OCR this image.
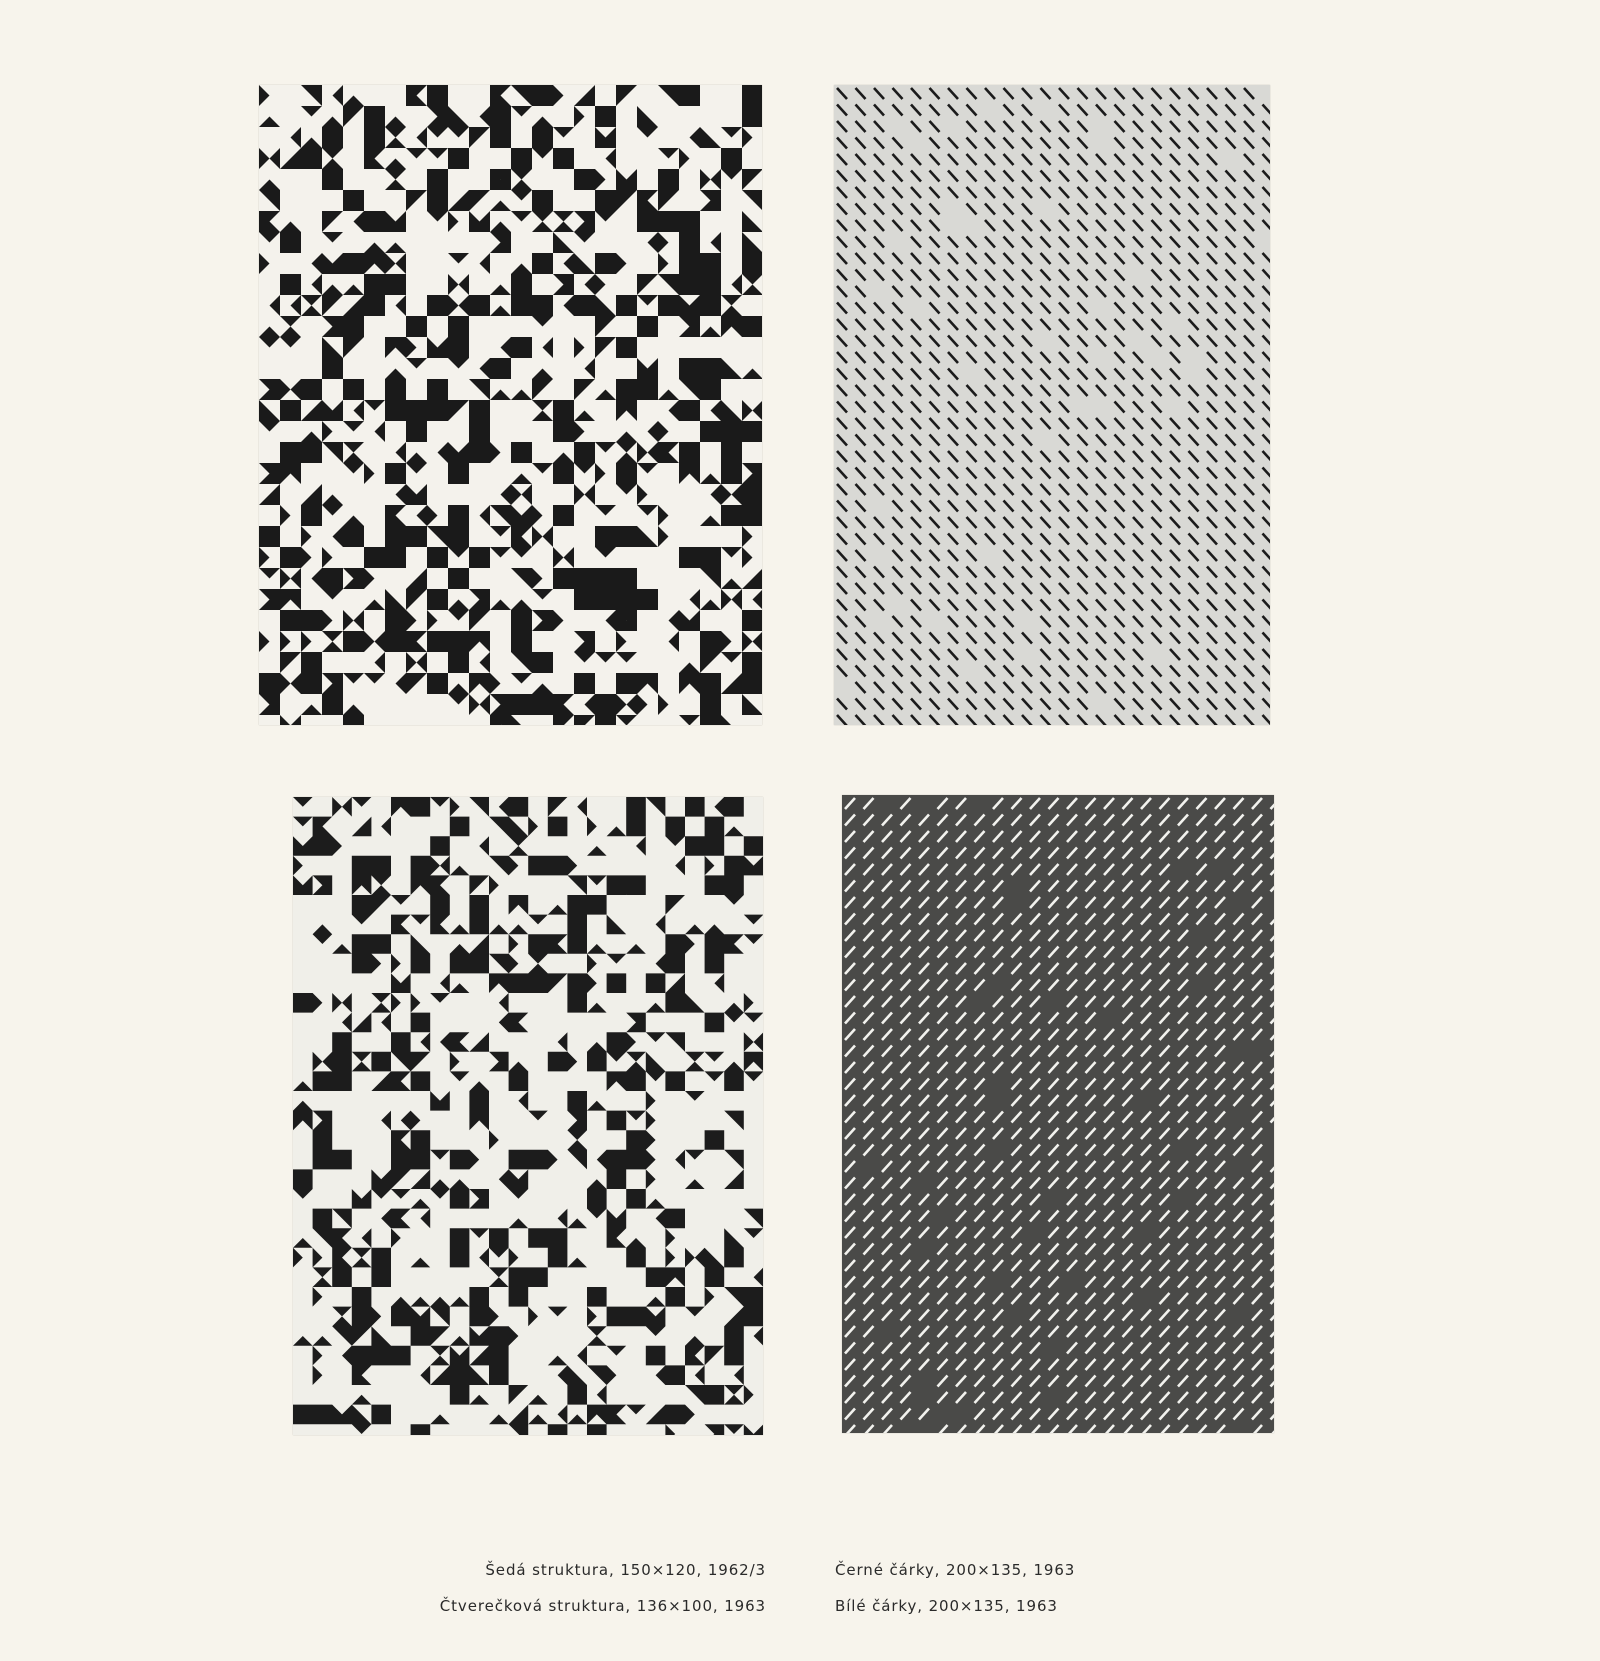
Šedá struktura, 150×120, 1962/3
Čtverečková struktura, 136×100, 1963
Černé čárky, 200×135, 1963
Bílé čárky, 200×135, 1963
